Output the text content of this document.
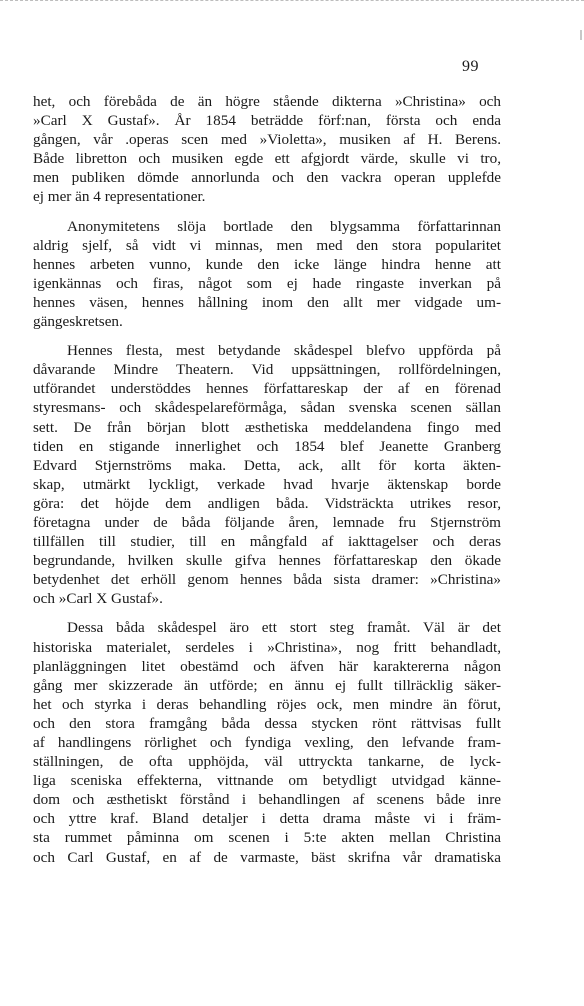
99

het, och förebåda de än högre stående dikterna »Christina» och
»Carl X Gustaf». År 1854 beträdde förf:nan, första och enda
gången, vår .operas scen med »Violetta», musiken af H. Berens.
Både libretton och musiken egde ett afgjordt värde, skulle vi tro,
men publiken dömde annorlunda och den vackra operan upplefde
ej mer än 4 representationer.

Anonymitetens slöja bortlade den blygsamma författarinnan
aldrig sjelf, så vidt vi minnas, men med den stora popularitet
hennes arbeten vunno, kunde den icke länge hindra henne att
igenkännas och firas, något som ej hade ringaste inverkan på
hennes väsen, hennes hållning inom den allt mer vidgade um-
gängeskretsen.

Hennes flesta, mest betydande skådespel blefvo uppförda på
dåvarande Mindre Theatern. Vid uppsättningen, rollfördelningen,
utförandet understöddes hennes författareskap der af en förenad
styresmans- och skådespelareförmåga, sådan svenska scenen sällan
sett. De från början blott æsthetiska meddelandena fingo med
tiden en stigande innerlighet och 1854 blef Jeanette Granberg
Edvard Stjernströms maka. Detta, ack, allt för korta äkten-
skap, utmärkt lyckligt, verkade hvad hvarje äktenskap borde
göra: det höjde dem andligen båda. Vidsträckta utrikes resor,
företagna under de båda följande åren, lemnade fru Stjernström
tillfällen till studier, till en mångfald af iakttagelser och deras
begrundande, hvilken skulle gifva hennes författareskap den ökade
betydenhet det erhöll genom hennes båda sista dramer: »Christina»
och »Carl X Gustaf».

Dessa båda skådespel äro ett stort steg framåt. Väl är det
historiska materialet, serdeles i »Christina», nog fritt behandladt,
planläggningen litet obestämd och äfven här karaktererna någon
gång mer skizzerade än utförde; en ännu ej fullt tillräcklig säker-
het och styrka i deras behandling röjes ock, men mindre än förut,
och den stora framgång båda dessa stycken rönt rättvisas fullt
af handlingens rörlighet och fyndiga vexling, den lefvande fram-
ställningen, de ofta upphöjda, väl uttryckta tankarne, de lyck-
liga sceniska effekterna, vittnande om betydligt utvidgad känne-
dom och æsthetiskt förstånd i behandlingen af scenens både inre
och yttre kraf. Bland detaljer i detta drama måste vi i främ-
sta rummet påminna om scenen i 5:te akten mellan Christina
och Carl Gustaf, en af de varmaste, bäst skrifna vår dramatiska
